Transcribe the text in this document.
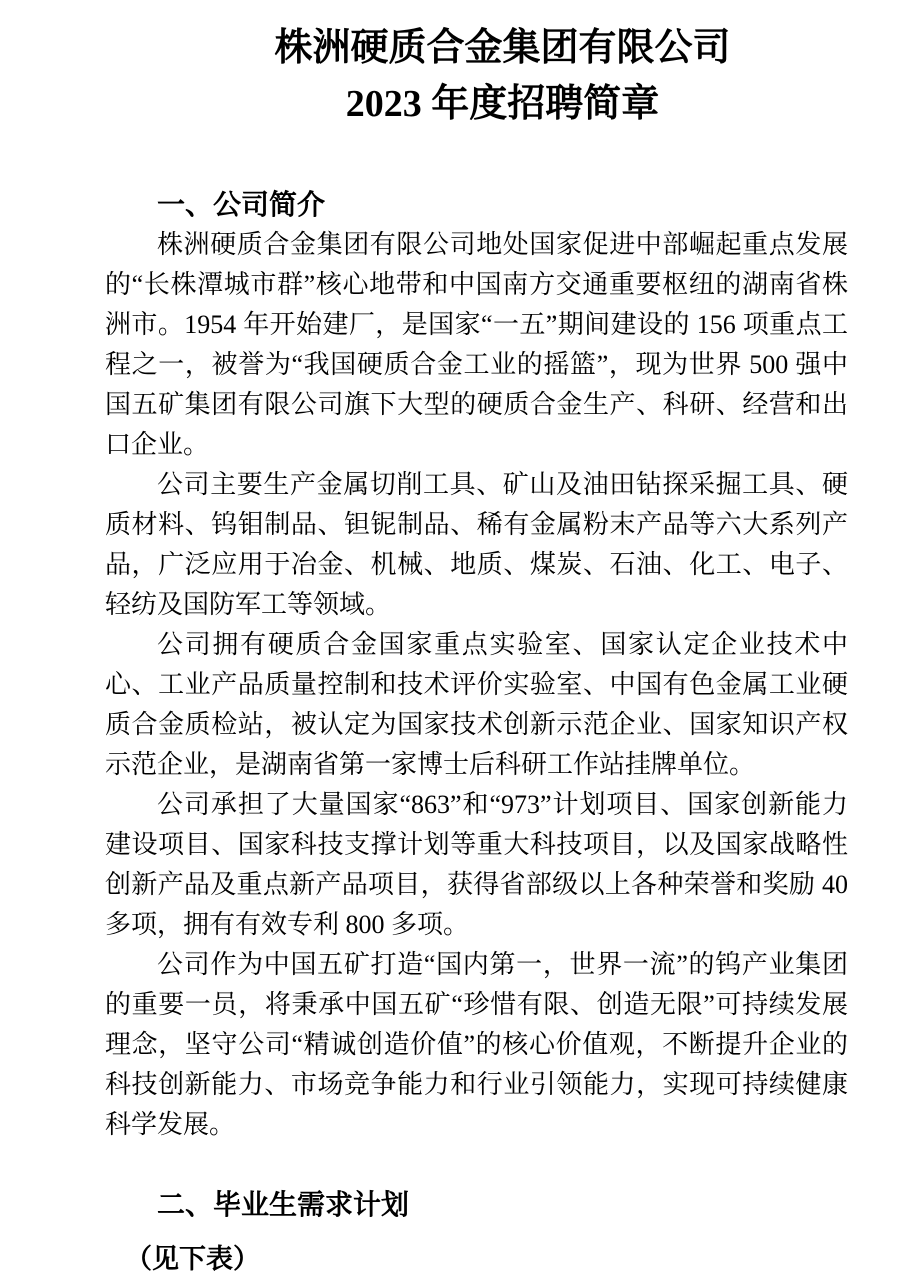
株洲硬质合金集团有限公司

2023 年度招聘简章

一、公司简介

株洲硬质合金集团有限公司地处国家促进中部崛起重点发展的“长株潭城市群”核心地带和中国南方交通重要枢纽的湖南省株洲市。1954 年开始建厂，是国家“一五”期间建设的 156 项重点工程之一，被誉为“我国硬质合金工业的摇篮”，现为世界 500 强中国五矿集团有限公司旗下大型的硬质合金生产、科研、经营和出口企业。

公司主要生产金属切削工具、矿山及油田钻探采掘工具、硬质材料、钨钼制品、钽铌制品、稀有金属粉末产品等六大系列产品，广泛应用于冶金、机械、地质、煤炭、石油、化工、电子、轻纺及国防军工等领域。

公司拥有硬质合金国家重点实验室、国家认定企业技术中心、工业产品质量控制和技术评价实验室、中国有色金属工业硬质合金质检站，被认定为国家技术创新示范企业、国家知识产权示范企业，是湖南省第一家博士后科研工作站挂牌单位。

公司承担了大量国家“863”和“973”计划项目、国家创新能力建设项目、国家科技支撑计划等重大科技项目，以及国家战略性创新产品及重点新产品项目，获得省部级以上各种荣誉和奖励 40 多项，拥有有效专利 800 多项。

公司作为中国五矿打造“国内第一，世界一流”的钨产业集团的重要一员，将秉承中国五矿“珍惜有限、创造无限”可持续发展理念，坚守公司“精诚创造价值”的核心价值观，不断提升企业的科技创新能力、市场竞争能力和行业引领能力，实现可持续健康科学发展。

二、毕业生需求计划

（见下表）
